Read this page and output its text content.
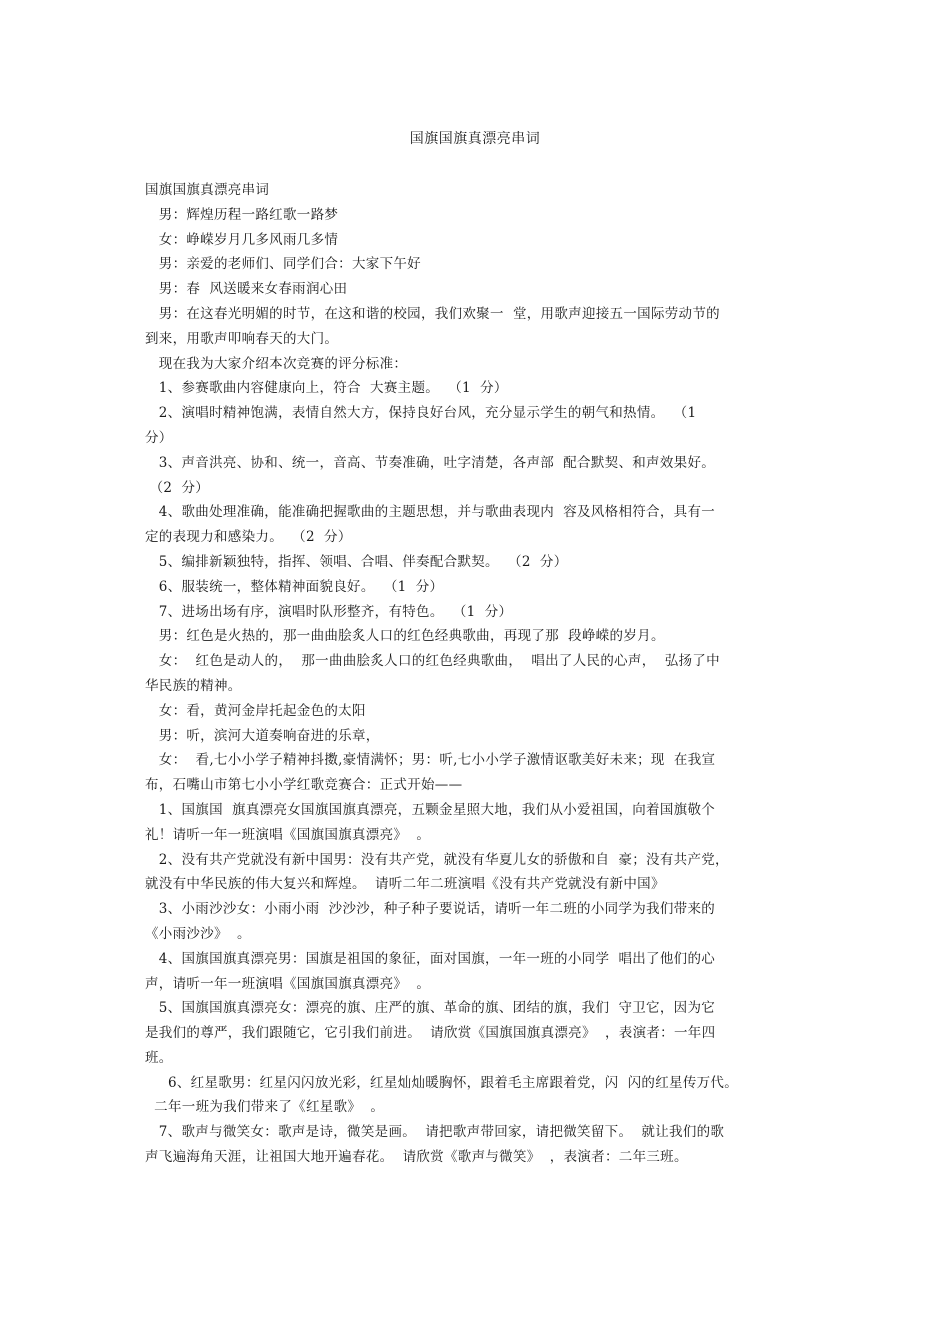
国旗国旗真漂亮串词
国旗国旗真漂亮串词
男：辉煌历程一路红歌一路梦
女：峥嵘岁月几多风雨几多情
男：亲爱的老师们、同学们合：大家下午好
男：春  风送暖来女春雨润心田
男：在这春光明媚的时节，在这和谐的校园，我们欢聚一  堂，用歌声迎接五一国际劳动节的
到来，用歌声叩响春天的大门。
现在我为大家介绍本次竞赛的评分标准：
1、参赛歌曲内容健康向上，符合  大赛主题。  （1  分）
2、演唱时精神饱满，表情自然大方，保持良好台风，充分显示学生的朝气和热情。  （1
分）
3、声音洪亮、协和、统一，音高、节奏准确，吐字清楚，各声部  配合默契、和声效果好。
（2  分）
4、歌曲处理准确，能准确把握歌曲的主题思想，并与歌曲表现内  容及风格相符合，具有一
定的表现力和感染力。  （2  分）
5、编排新颖独特，指挥、领唱、合唱、伴奏配合默契。  （2  分）
6、服装统一，整体精神面貌良好。  （1  分）
7、进场出场有序，演唱时队形整齐，有特色。  （1  分）
男：红色是火热的，那一曲曲脍炙人口的红色经典歌曲，再现了那  段峥嵘的岁月。
女：  红色是动人的，  那一曲曲脍炙人口的红色经典歌曲，  唱出了人民的心声，  弘扬了中
华民族的精神。
女：看，黄河金岸托起金色的太阳
男：听，滨河大道奏响奋进的乐章，
女：  看,七小小学子精神抖擞,豪情满怀；男：听,七小小学子激情讴歌美好未来；现  在我宣
布，石嘴山市第七小小学红歌竞赛合：正式开始——
1、国旗国  旗真漂亮女国旗国旗真漂亮，五颗金星照大地，我们从小爱祖国，向着国旗敬个
礼！请听一年一班演唱《国旗国旗真漂亮》  。
2、没有共产党就没有新中国男：没有共产党，就没有华夏儿女的骄傲和自  豪；没有共产党，
就没有中华民族的伟大复兴和辉煌。  请听二年二班演唱《没有共产党就没有新中国》
3、小雨沙沙女：小雨小雨  沙沙沙，种子种子要说话，请听一年二班的小同学为我们带来的
《小雨沙沙》  。
4、国旗国旗真漂亮男：国旗是祖国的象征，面对国旗，一年一班的小同学  唱出了他们的心
声，请听一年一班演唱《国旗国旗真漂亮》  。
5、国旗国旗真漂亮女：漂亮的旗、庄严的旗、革命的旗、团结的旗，我们  守卫它，因为它
是我们的尊严，我们跟随它，它引我们前进。  请欣赏《国旗国旗真漂亮》  ，表演者：一年四
班。
6、红星歌男：红星闪闪放光彩，红星灿灿暖胸怀，跟着毛主席跟着党，闪  闪的红星传万代。
二年一班为我们带来了《红星歌》  。
7、歌声与微笑女：歌声是诗，微笑是画。  请把歌声带回家，请把微笑留下。  就让我们的歌
声飞遍海角天涯，让祖国大地开遍春花。  请欣赏《歌声与微笑》  ，表演者：二年三班。
